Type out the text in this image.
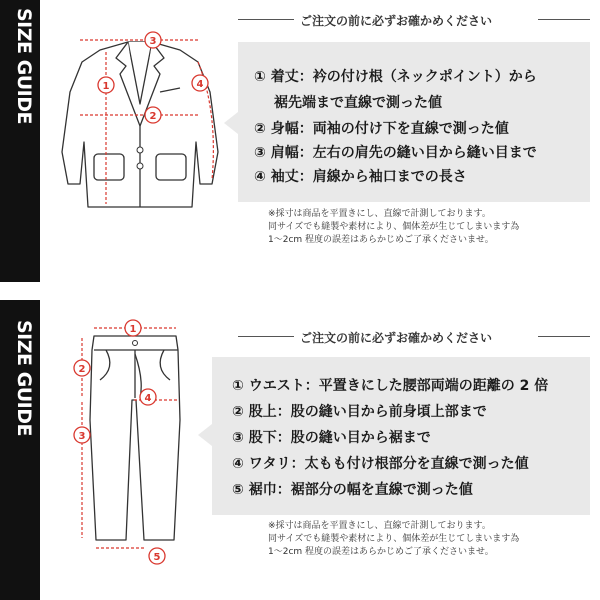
SIZE GUIDE
SIZE GUIDE
3
1
2
4
ご注文の前に必ずお確かめください
① 着丈：衿の付け根（ネックポイント）から
裾先端まで直線で測った値
② 身幅：両袖の付け下を直線で測った値
③ 肩幅：左右の肩先の縫い目から縫い目まで
④ 袖丈：肩線から袖口までの長さ
※採寸は商品を平置きにし、直線で計測しております。
同サイズでも縫製や素材により、個体差が生じてしまいます為
1〜2cm 程度の誤差はあらかじめご了承くださいませ。
1
2
3
4
5
ご注文の前に必ずお確かめください
① ウエスト：平置きにした腰部両端の距離の 2 倍
② 股上：股の縫い目から前身頃上部まで
③ 股下：股の縫い目から裾まで
④ ワタリ：太もも付け根部分を直線で測った値
⑤ 裾巾：裾部分の幅を直線で測った値
※採寸は商品を平置きにし、直線で計測しております。
同サイズでも縫製や素材により、個体差が生じてしまいます為
1〜2cm 程度の誤差はあらかじめご了承くださいませ。
